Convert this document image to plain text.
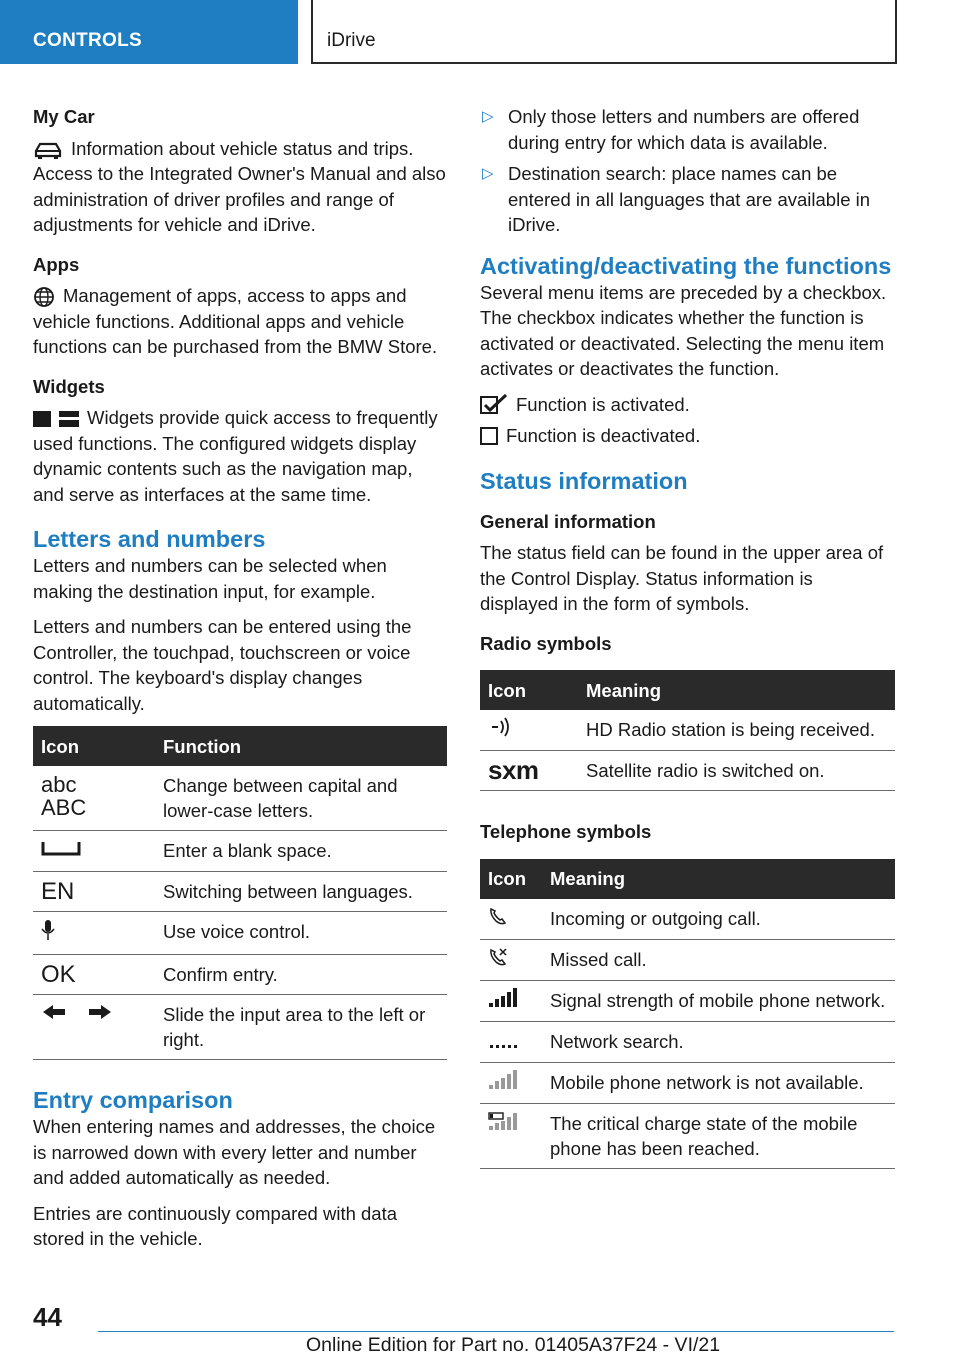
CONTROLS	iDrive

My Car

Information about vehicle status and trips. Access to the Integrated Owner's Manual and also administration of driver profiles and range of adjustments for vehicle and iDrive.

Apps

Management of apps, access to apps and vehicle functions. Additional apps and vehicle functions can be purchased from the BMW Store.

Widgets

Widgets provide quick access to frequently used functions. The configured widgets display dynamic contents such as the navigation map, and serve as interfaces at the same time.

Letters and numbers

Letters and numbers can be selected when making the destination input, for example.

Letters and numbers can be entered using the Controller, the touchpad, touchscreen or voice control. The keyboard's display changes automatically.

Icon	Function

abc
ABC	Change between capital and lower-case letters.
	Enter a blank space.
EN	Switching between languages.
	Use voice control.
OK	Confirm entry.
	Slide the input area to the left or right.
Entry comparison

When entering names and addresses, the choice is narrowed down with every letter and number and added automatically as needed.

Entries are continuously compared with data stored in the vehicle.

▷ Only those letters and numbers are offered during entry for which data is available.
▷ Destination search: place names can be entered in all languages that are available in iDrive.
Activating/deactivating the functions

Several menu items are preceded by a checkbox. The checkbox indicates whether the function is activated or deactivated. Selecting the menu item activates or deactivates the function.

Function is activated.
Function is deactivated.
Status information

General information

The status field can be found in the upper area of the Control Display. Status information is displayed in the form of symbols.

Radio symbols

Icon	Meaning
	HD Radio station is being received.
sxm	Satellite radio is switched on.

Telephone symbols

Icon	Meaning
	Incoming or outgoing call.
	Missed call.
	Signal strength of mobile phone network.
	Network search.
	Mobile phone network is not available.
	The critical charge state of the mobile phone has been reached.
44
Online Edition for Part no. 01405A37F24 - VI/21
